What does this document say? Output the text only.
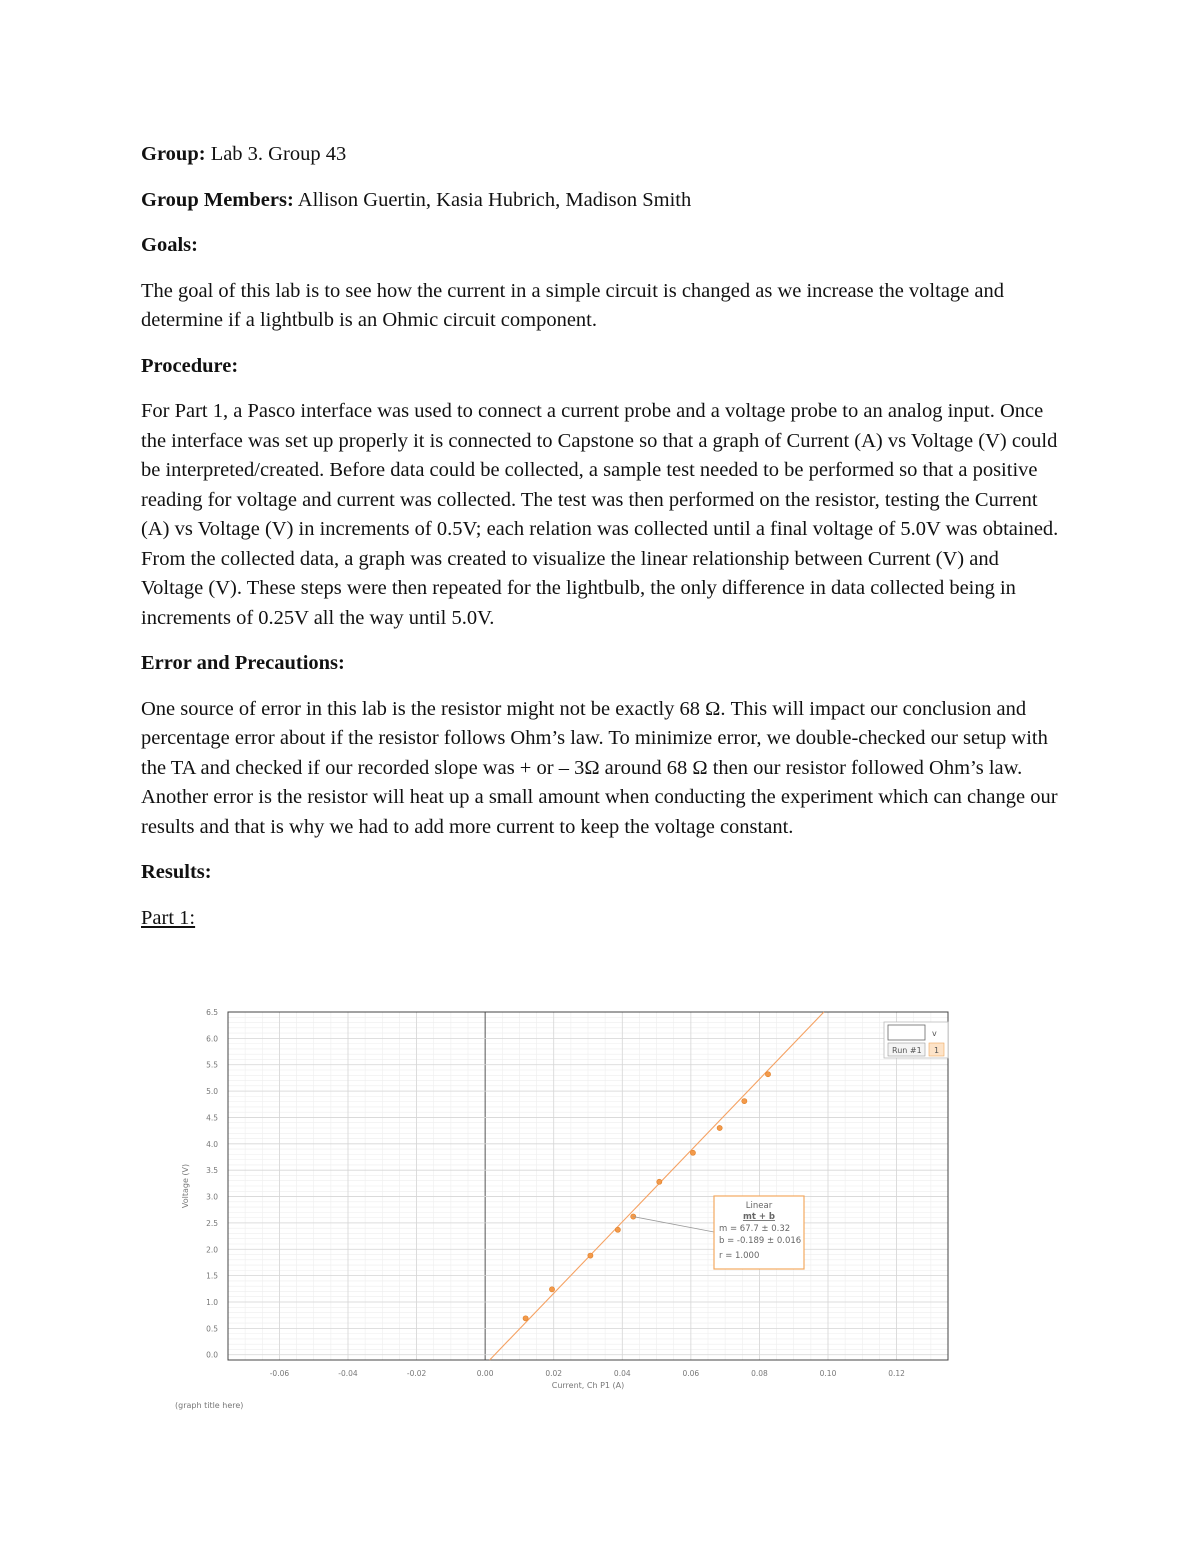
Group: Lab 3. Group 43

Group Members: Allison Guertin, Kasia Hubrich, Madison Smith

Goals:

The goal of this lab is to see how the current in a simple circuit is changed as we increase the voltage and determine if a lightbulb is an Ohmic circuit component.

Procedure:

For Part 1, a Pasco interface was used to connect a current probe and a voltage probe to an analog input. Once the interface was set up properly it is connected to Capstone so that a graph of Current (A) vs Voltage (V) could be interpreted/created. Before data could be collected, a sample test needed to be performed so that a positive reading for voltage and current was collected. The test was then performed on the resistor, testing the Current (A) vs Voltage (V) in increments of 0.5V; each relation was collected until a final voltage of 5.0V was obtained. From the collected data, a graph was created to visualize the linear relationship between Current (V) and Voltage (V). These steps were then repeated for the lightbulb, the only difference in data collected being in increments of 0.25V all the way until 5.0V.

Error and Precautions:

One source of error in this lab is the resistor might not be exactly 68 Ω. This will impact our conclusion and percentage error about if the resistor follows Ohm’s law. To minimize error, we double-checked our setup with the TA and checked if our recorded slope was + or – 3Ω around 68 Ω then our resistor followed Ohm’s law. Another error is the resistor will heat up a small amount when conducting the experiment which can change our results and that is why we had to add more current to keep the voltage constant.

Results:

Part 1:

-0.06	-0.04	-0.02	0.00	0.02	0.04	0.06	0.08	0.10	0.12
0.0
0.5
1.0
1.5
2.0
2.5
3.0
3.5
4.0
4.5
5.0
5.5
6.0
6.5
Linear
mt + b
m = 67.7 ± 0.32
b = -0.189 ± 0.016
r = 1.000
v
Run #1 1
Current, Ch P1 (A)
Voltage (V)
(graph title here)
